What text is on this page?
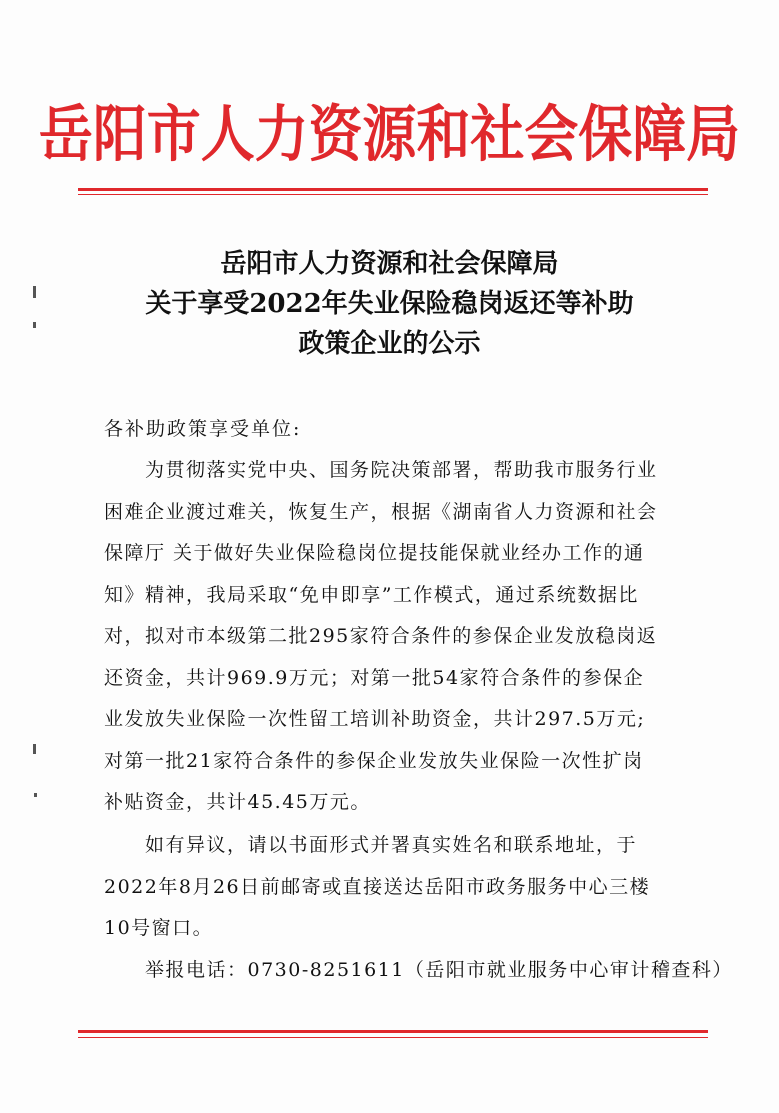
岳阳市人力资源和社会保障局
岳阳市人力资源和社会保障局
关于享受2022年失业保险稳岗返还等补助
政策企业的公示
各补助政策享受单位:
　　为贯彻落实党中央、国务院决策部署，帮助我市服务行业
困难企业渡过难关，恢复生产，根据《湖南省人力资源和社会
保障厅 关于做好失业保险稳岗位提技能保就业经办工作的通
知》精神，我局采取“免申即享”工作模式，通过系统数据比
对，拟对市本级第二批295家符合条件的参保企业发放稳岗返
还资金，共计969.9万元；对第一批54家符合条件的参保企
业发放失业保险一次性留工培训补助资金，共计297.5万元;
对第一批21家符合条件的参保企业发放失业保险一次性扩岗
补贴资金，共计45.45万元。
　　如有异议，请以书面形式并署真实姓名和联系地址，于
2022年8月26日前邮寄或直接送达岳阳市政务服务中心三楼
10号窗口。
　　举报电话：0730-8251611（岳阳市就业服务中心审计稽查科）
